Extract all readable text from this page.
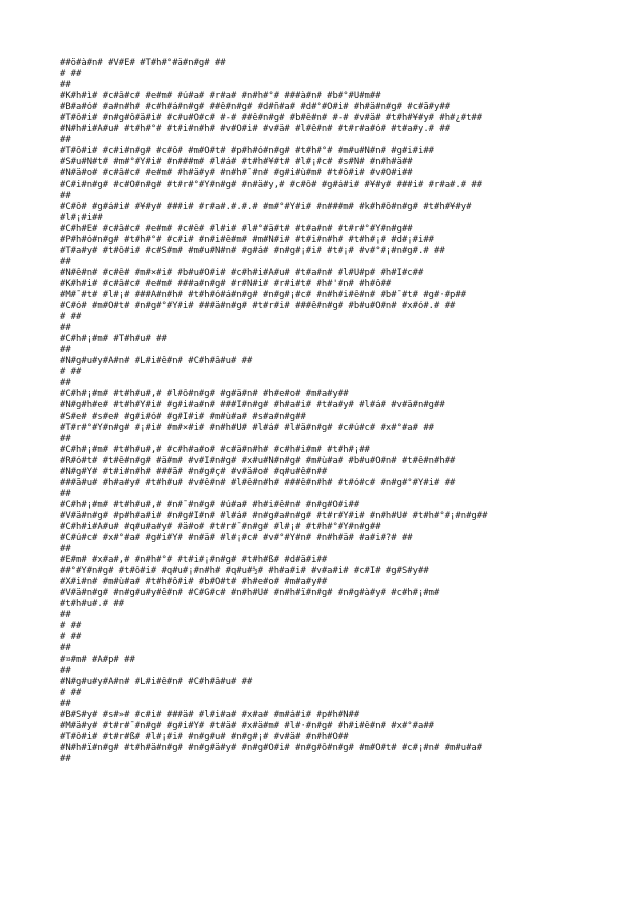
##ö#à#n# #V#Ê# #T#h#°#ä#n#g# ##
# ##
##
#K#h#ì# #c#â#c# #e#m# #ú#a# #r#a# #n#h#°# ###à#n# #b#°#Û#m##
#B#a#ó# #a#n#h# #c#h#á#n#g# ##ê#n#g# #d#ñ#a# #d#°#Ö#i# #h#ä#n#g# #c#ã#y##
#T#ô#i# #n#g#ô#ä#i# #c#u#Ö#c# #-# ##ê#n#g# #b#ê#n# #-# #v#ä# #t#h#¥#y# #h#¿#t##
#N#h#i#Ã#u# #t#h#°# #t#i#n#h# #v#Ö#i# #v#ä# #l#ê#n# #t#r#a#ó# #t#a#y.# ##
##
#T#ô#i# #c#i#n#g# #c#ô# #m#Ö#t# #p#h#ó#n#g# #t#h#°# #m#u#Ñ#n# #g#i#i##
#S#u#Ñ#t# #m#°#Ÿ#i# #n###m# #l#á# #t#h#¥#t# #l#¡#c# #s#Ñ# #n#h#ä##
#N#ä#o# #c#â#c# #e#m# #h#ä#y# #n#h#¯#n# #g#i#ù#m# #t#ô#i# #v#Ö#i##
#C#i#n#g# #c#Ö#n#g# #t#r#°#Ÿ#n#g# #n#ä#y,# #c#ô# #g#á#i# #¥#y# ###i# #r#a#.# ##
##
#C#ô# #g#á#i# #¥#y# ###i# #r#a#.#.#.# #m#°#Ÿ#i# #n###m# #k#h#ô#n#g# #t#h#¥#y#
#l#¡#i##
#C#h#Ê# #c#â#c# #e#m# #c#ê# #l#i# #l#°#ä#t# #t#a#n# #t#r#°#Ÿ#n#g##
#P#h#ó#n#g# #t#h#°# #c#i# #n#i#ê#m# #m#Ñ#i# #t#i#n#h# #t#h#¡# #d#¡#i##
#T#a#y# #t#ô#i# #c#S#m# #m#u#Ñ#n# #g#á# #n#g#¡#i# #t#¡# #v#°#¡#n#g#.# ##
##
#N#ê#n# #c#ê# #m#×#i# #b#u#Ö#i# #c#h#i#Ã#u# #t#a#n# #l#Û#p# #h#Î#c##
#K#h#i# #c#â#c# #e#m# ###a#n#g# #r#Ñ#i# #r#i#t# #h#'#n# #h#ô##
#M#¯#t# #l#¡# ###Ã#n#h# #t#h#ó#á#n#g# #n#g#¡#c# #n#h#i#ê#n# #b#¯#t# #g#·#p##
#C#ó# #m#Ö#t# #n#g#°#Ÿ#i# ###ä#n#g# #t#r#i# ###ê#n#g# #b#u#Ö#n# #x#ó#.# ##
# ##
##
#C#h#¡#m# #T#h#u# ##
##
#N#g#u#y#Ã#n# #L#i#ê#n# #C#h#â#u# ##
# ##
##
#C#h#¡#m# #t#h#u#,# #l#ô#n#g# #g#ä#n# #h#e#o# #m#a#y##
#N#g#h#e# #t#h#Ÿ#i# #g#i#a#n# ###Î#n#g# #h#a#i# #t#a#y# #l#á# #v#ä#n#g##
#S#e# #s#e# #g#i#ó# #g#Î#i# #m#ù#a# #s#a#n#g##
#T#r#°#Ÿ#n#g# #¡#i# #m#×#i# #n#h#Û# #l#á# #l#ä#n#g# #c#ú#c# #x#°#a# ##
##
#C#h#¡#m# #t#h#u#,# #c#h#a#o# #c#ä#n#h# #c#h#i#m# #t#h#¡##
#R#ó#t# #t#ê#n#g# #ä#m# #v#Î#n#g# #x#u#Ñ#n#g# #m#ù#a# #b#u#Ö#n# #t#ê#n#h##
#N#g#Ÿ# #t#i#n#h# ###ã# #n#g#ç# #v#ä#o# #q#u#ê#n##
###ã#u# #h#a#y# #t#h#u# #v#ê#n# #l#ê#n#h# ###ê#n#h# #t#ó#c# #n#g#°#Ÿ#i# ##
##
#C#h#¡#m# #t#h#u#,# #n#¯#n#g# #ú#a# #h#i#ê#n# #n#g#Ö#i##
#V#ä#n#g# #p#h#a#i# #n#g#Î#n# #l#á# #n#g#a#n#g# #t#r#Ÿ#i# #n#h#Û# #t#h#°#¡#n#g##
#C#h#i#Ã#u# #q#u#a#y# #ä#o# #t#r#¯#n#g# #l#¡# #t#h#°#Ÿ#n#g##
#C#ú#c# #x#°#a# #g#i#Ÿ# #n#ä# #l#¡#c# #v#°#Ÿ#n# #n#h#ä# #a#i#?# ##
##
#Ê#m# #x#a#,# #n#h#°# #t#i#¡#n#g# #t#h#ß# #d#ä#i##
##°#Ÿ#n#g# #t#ô#i# #q#u#¡#n#h# #q#u#½# #h#a#i# #v#a#i# #c#Î# #g#S#y##
#X#i#n# #m#ù#a# #t#h#ô#i# #b#Ö#t# #h#e#o# #m#a#y##
#V#ä#n#g# #n#g#u#y#ê#n# #C#G#c# #n#h#Û# #n#h#ï#n#g# #n#g#à#y# #c#h#¡#m#
#t#h#u#.# ##
##
# ##
# ##
##
#¤#m# #Ã#p# ##
##
#N#g#u#y#Ã#n# #L#i#ê#n# #C#h#â#u# ##
# ##
##
#B#S#y# #s#»# #c#i# ###ä# #l#i#a# #x#a# #m#á#i# #p#h#Ñ##
#M#ä#y# #t#r#¯#n#g# #g#i#Ÿ# #t#ä# #x#ä#m# #l#·#n#g# #h#i#ê#n# #x#°#a##
#T#ô#i# #t#r#ß# #l#¡#i# #n#g#u# #n#g#¡# #v#ä# #n#h#Ö##
#N#h#ï#n#g# #t#h#ä#n#g# #n#g#ä#y# #n#g#Ó#i# #n#g#ô#n#g# #m#Ö#t# #c#¡#n# #m#u#a#
##
